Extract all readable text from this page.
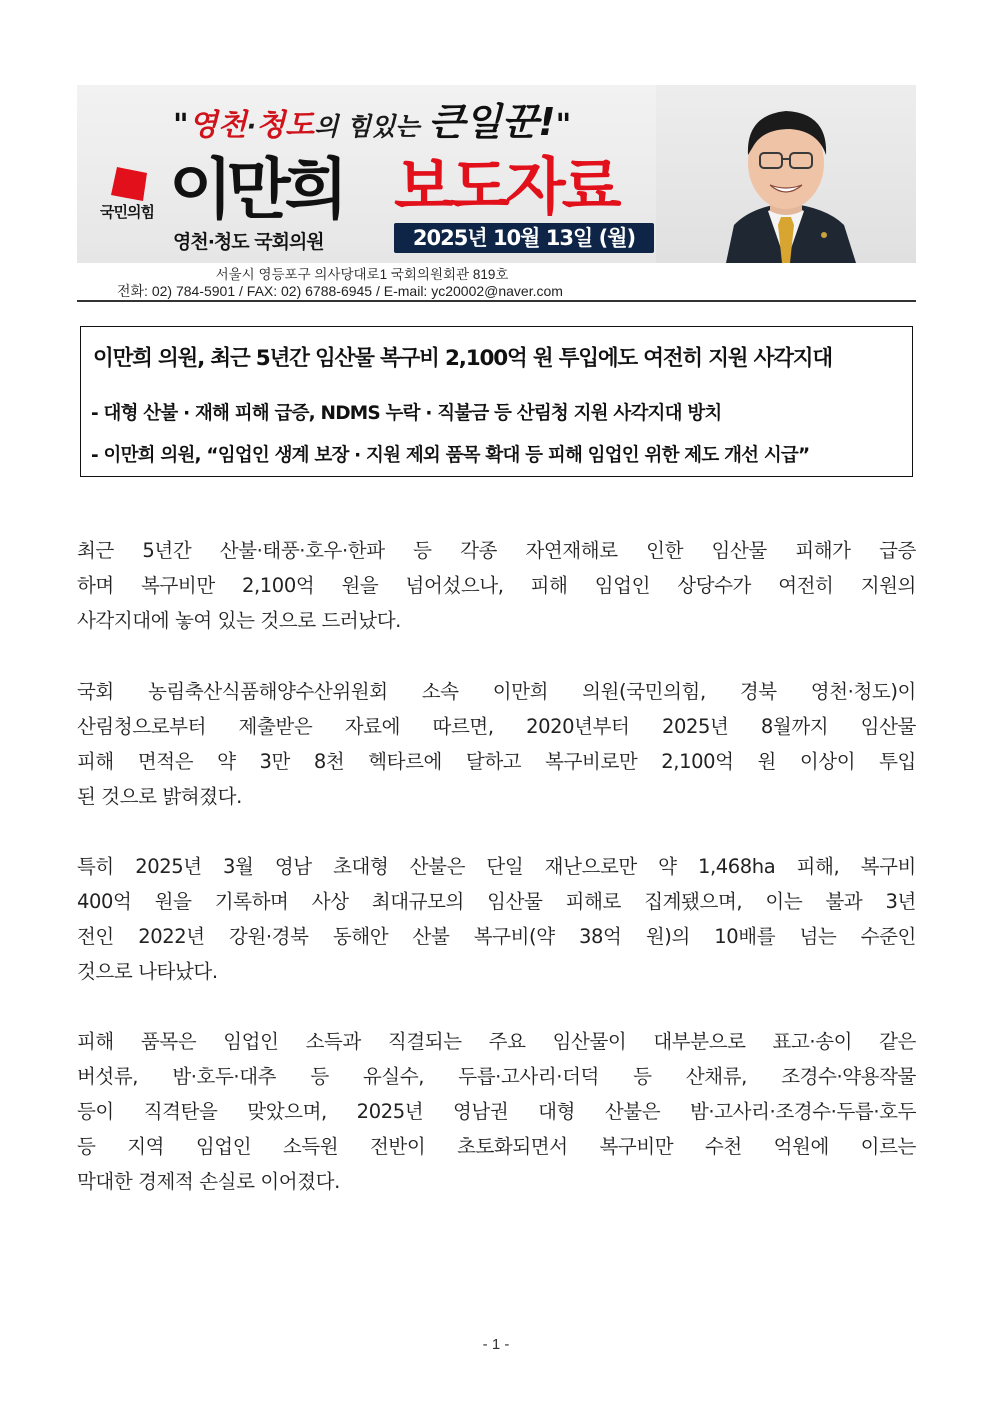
"영천·청도의 힘있는 큰일꾼!"
국민의힘 이만희
영천·청도 국회의원
보도자료
2025년 10월 13일 (월)
서울시 영등포구 의사당대로1 국회의원회관 819호
전화: 02) 784-5901 / FAX: 02) 6788-6945 / E-mail: yc20002@naver.com
이만희 의원, 최근 5년간 임산물 복구비 2,100억 원 투입에도 여전히 지원 사각지대
- 대형 산불 · 재해 피해 급증, NDMS 누락 · 직불금 등 산림청 지원 사각지대 방치
- 이만희 의원, “임업인 생계 보장 · 지원 제외 품목 확대 등 피해 임업인 위한 제도 개선 시급”
최근 5년간 산불·태풍·호우·한파 등 각종 자연재해로 인한 임산물 피해가 급증
하며 복구비만 2,100억 원을 넘어섰으나, 피해 임업인 상당수가 여전히 지원의
사각지대에 놓여 있는 것으로 드러났다.
국회 농림축산식품해양수산위원회 소속 이만희 의원(국민의힘, 경북 영천·청도)이
산림청으로부터 제출받은 자료에 따르면, 2020년부터 2025년 8월까지 임산물
피해 면적은 약 3만 8천 헥타르에 달하고 복구비로만 2,100억 원 이상이 투입
된 것으로 밝혀졌다.
특히 2025년 3월 영남 초대형 산불은 단일 재난으로만 약 1,468ha 피해, 복구비
400억 원을 기록하며 사상 최대규모의 임산물 피해로 집계됐으며, 이는 불과 3년
전인 2022년 강원·경북 동해안 산불 복구비(약 38억 원)의 10배를 넘는 수준인
것으로 나타났다.
피해 품목은 임업인 소득과 직결되는 주요 임산물이 대부분으로 표고·송이 같은
버섯류, 밤·호두·대추 등 유실수, 두릅·고사리·더덕 등 산채류, 조경수·약용작물
등이 직격탄을 맞았으며, 2025년 영남권 대형 산불은 밤·고사리·조경수·두릅·호두
등 지역 임업인 소득원 전반이 초토화되면서 복구비만 수천 억원에 이르는
막대한 경제적 손실로 이어졌다.
- 1 -
